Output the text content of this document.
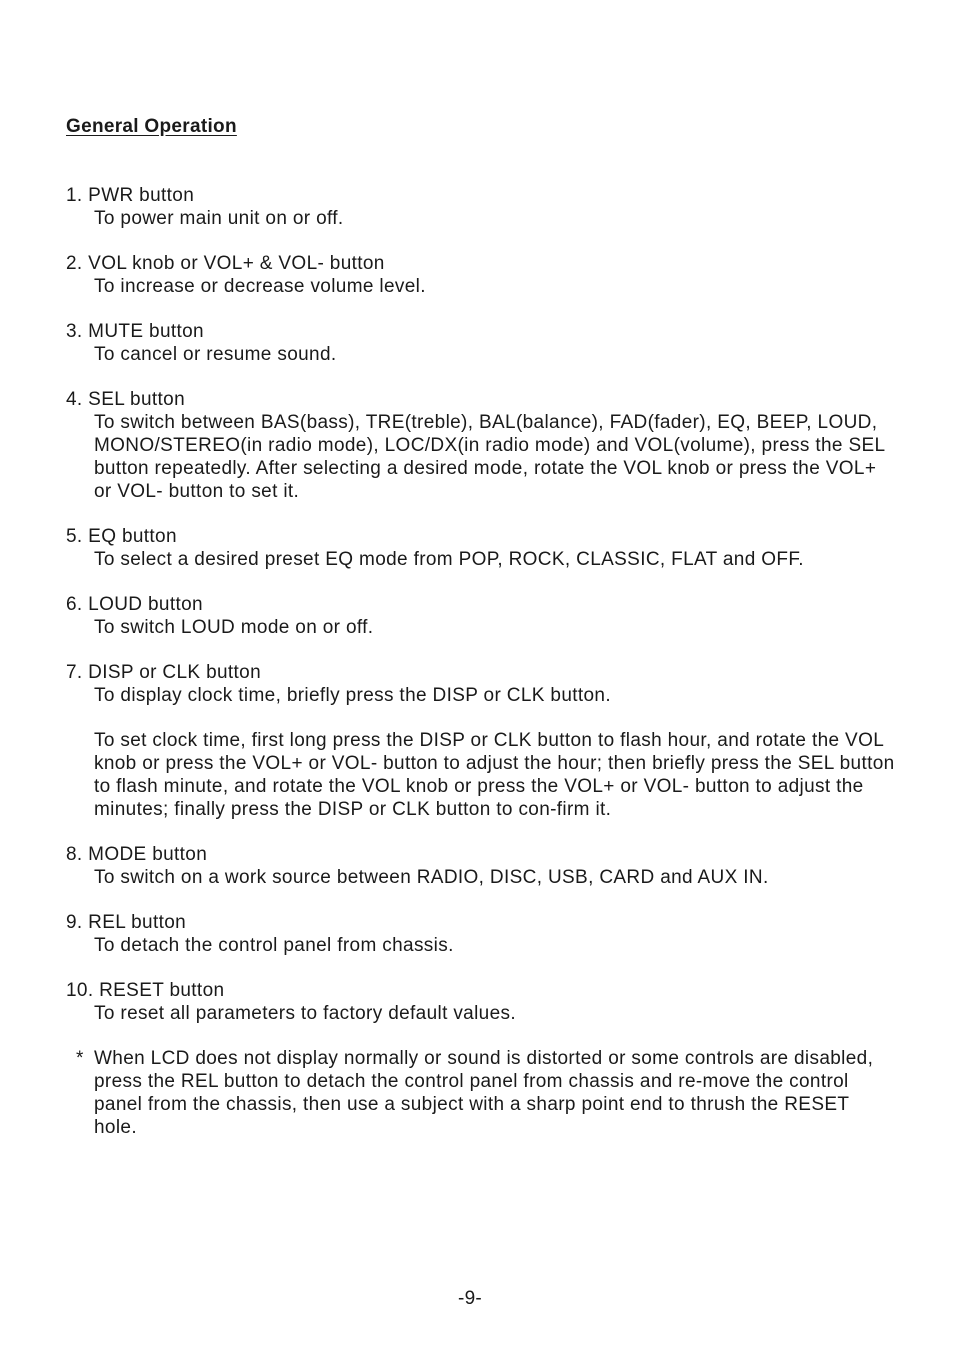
General Operation
1. PWR button
To power main unit on or off.
2. VOL knob or VOL+ & VOL- button
To increase or decrease volume level.
3. MUTE button
To cancel or resume sound.
4. SEL button
To switch between BAS(bass), TRE(treble), BAL(balance), FAD(fader), EQ, BEEP, LOUD, MONO/STEREO(in radio mode), LOC/DX(in radio mode) and VOL(volume), press the SEL button repeatedly. After selecting a desired mode, rotate the VOL knob or press the VOL+ or VOL- button to set it.
5. EQ button
To select a desired preset EQ mode from POP, ROCK, CLASSIC, FLAT and OFF.
6. LOUD button
To switch LOUD mode on or off.
7. DISP or CLK button
To display clock time, briefly press the DISP or CLK button.
To set clock time, first long press the DISP or CLK button to flash hour, and rotate the VOL knob or press the VOL+ or VOL- button to adjust the hour; then briefly press the SEL button to flash minute, and rotate the VOL knob or press the VOL+ or VOL- button to adjust the minutes; finally press the DISP or CLK button to con-firm it.
8. MODE button
To switch on a work source between RADIO, DISC, USB, CARD and AUX IN.
9. REL button
To detach the control panel from chassis.
10. RESET button
To reset all parameters to factory default values.
* When LCD does not display normally or sound is distorted or some controls are disabled, press the REL button to detach the control panel from chassis and re-move the control panel from the chassis, then use a subject with a sharp point end to thrush the RESET hole.
-9-
